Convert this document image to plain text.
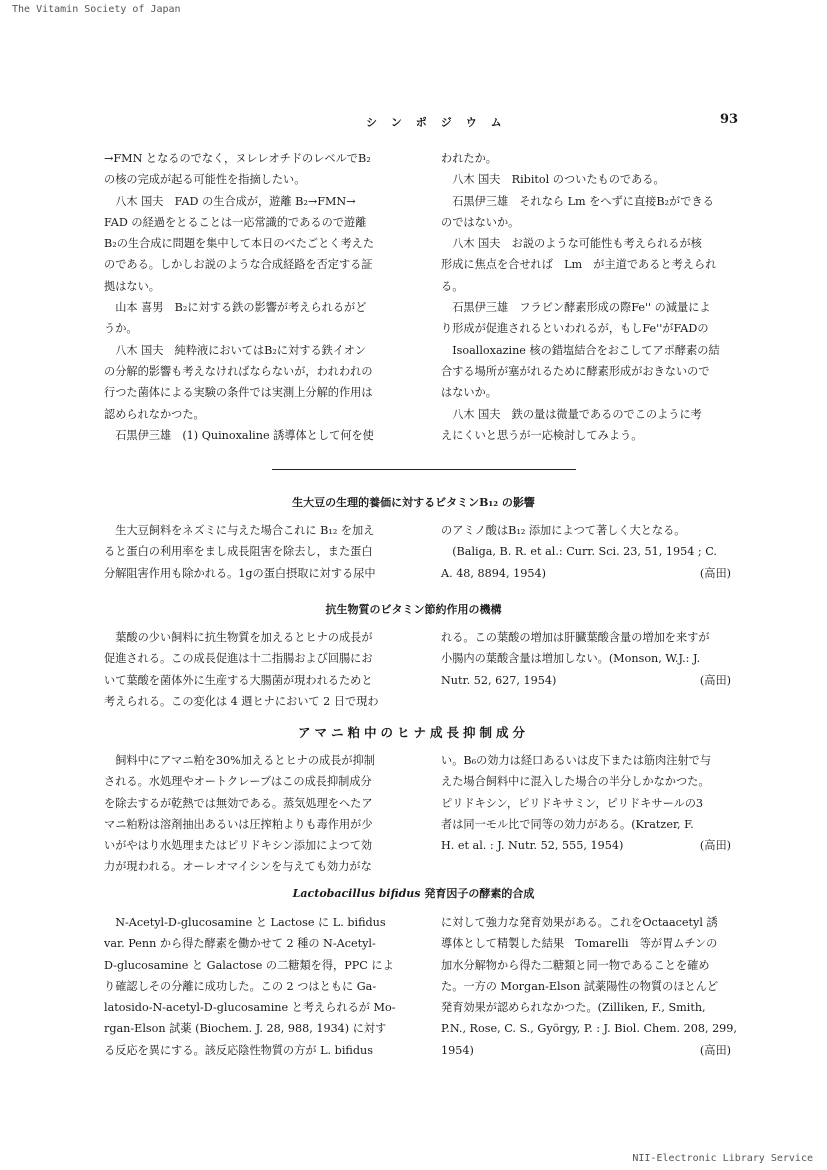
The Vitamin Society of Japan
シンポジウム	93

→FMN となるのでなく，ヌレレオチドのレベルでB₂

の核の完成が起る可能性を指摘したい。

　八木 国夫　FAD の生合成が，遊離 B₂→FMN→

FAD の経過をとることは一応常識的であるので遊離

B₂の生合成に問題を集中して本日のべたごとく考えた

のである。しかしお説のような合成経路を否定する証

拠はない。

　山本 喜男　B₂に対する鉄の影響が考えられるがど

うか。

　八木 国夫　純粋液においてはB₂に対する鉄イオン

の分解的影響も考えなければならないが，われわれの

行つた菌体による実験の条件では実測上分解的作用は

認められなかつた。

　石黒伊三雄　(1) Quinoxaline 誘導体として何を使

われたか。

　八木 国夫　Ribitol のついたものである。

　石黒伊三雄　それなら Lm をへずに直接B₂ができる

のではないか。

　八木 国夫　お説のような可能性も考えられるが核

形成に焦点を合せれば　Lm　が主道であると考えられ

る。

　石黒伊三雄　フラビン酵素形成の際Fe'' の減量によ

り形成が促進されるといわれるが，もしFe''がFADの

　Isoalloxazine 核の錯塩結合をおこしてアポ酵素の結

合する場所が塞がれるために酵素形成がおきないので

はないか。

　八木 国夫　鉄の量は微量であるのでこのように考

えにくいと思うが一応検討してみよう。

生大豆の生理的養価に対するビタミンB₁₂ の影響

　生大豆飼料をネズミに与えた場合これに B₁₂ を加え

ると蛋白の利用率をまし成長阻害を除去し，また蛋白

分解阻害作用も除かれる。1gの蛋白摂取に対する尿中

のアミノ酸はB₁₂ 添加によつて著しく大となる。

　(Baliga, B. R. et al.: Curr. Sci. 23, 51, 1954 ; C.

A. 48, 8894, 1954)	(高田)

抗生物質のビタミン節約作用の機構

　葉酸の少い飼料に抗生物質を加えるとヒナの成長が

促進される。この成長促進は十二指腸および回腸にお

いて葉酸を菌体外に生産する大腸菌が現われるためと

考えられる。この変化は 4 週ヒナにおいて 2 日で現わ

れる。この葉酸の増加は肝臓葉酸含量の増加を来すが

小腸内の葉酸含量は増加しない。(Monson, W.J.: J.

Nutr. 52, 627, 1954)	(高田)

アマニ粕中のヒナ成長抑制成分

　飼料中にアマニ粕を30%加えるとヒナの成長が抑制

される。水処理やオートクレーブはこの成長抑制成分

を除去するが乾熱では無効である。蒸気処理をへたア

マニ粕粉は溶剤抽出あるいは圧搾粕よりも毒作用が少

いがやはり水処理またはピリドキシン添加によつて効

力が現われる。オーレオマイシンを与えても効力がな

い。B₆の効力は経口あるいは皮下または筋肉注射で与

えた場合飼料中に混入した場合の半分しかなかつた。

ピリドキシン，ピリドキサミン，ピリドキサールの3

者は同一モル比で同等の効力がある。(Kratzer, F.

H. et al. : J. Nutr. 52, 555, 1954)	(高田)

Lactobacillus bifidus 発育因子の酵素的合成

　N-Acetyl-D-glucosamine と Lactose に L. bifidus

var. Penn から得た酵素を働かせて 2 種の N-Acetyl-

D-glucosamine と Galactose の二糖類を得，PPC によ

り確認しその分離に成功した。この 2 つはともに Ga-

latosido-N-acetyl-D-glucosamine と考えられるが Mo-

rgan-Elson 試薬 (Biochem. J. 28, 988, 1934) に対す

る反応を異にする。該反応陰性物質の方が L. bifidus

に対して強力な発育効果がある。これをOctaacetyl 誘

導体として精製した結果　Tomarelli　等が胃ムチンの

加水分解物から得た二糖類と同一物であることを確め

た。一方の Morgan-Elson 試薬陽性の物質のほとんど

発育効果が認められなかつた。(Zilliken, F., Smith,

P.N., Rose, C. S., György, P. : J. Biol. Chem. 208, 299,

1954)	(高田)

NII-Electronic Library Service
